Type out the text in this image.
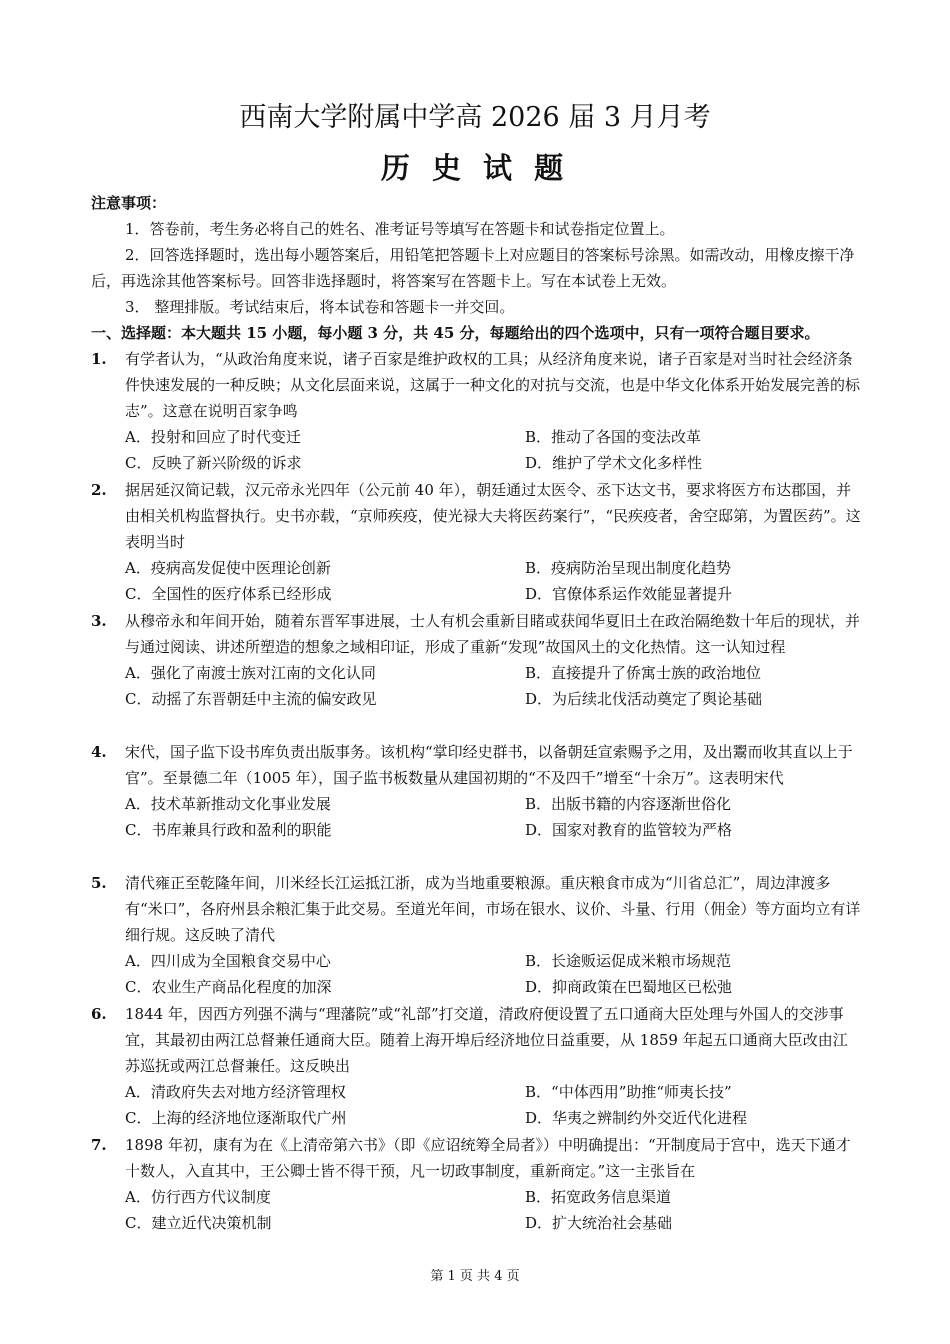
西南大学附属中学高 2026 届 3 月月考
历 史 试 题
注意事项：
1．答卷前，考生务必将自己的姓名、准考证号等填写在答题卡和试卷指定位置上。
2．回答选择题时，选出每小题答案后，用铅笔把答题卡上对应题目的答案标号涂黑。如需改动，用橡皮擦干净后，再选涂其他答案标号。回答非选择题时，将答案写在答题卡上。写在本试卷上无效。
3． 整理排版。考试结束后，将本试卷和答题卡一并交回。
一、选择题：本大题共 15 小题，每小题 3 分，共 45 分，每题给出的四个选项中，只有一项符合题目要求。
1. 有学者认为，“从政治角度来说，诸子百家是维护政权的工具；从经济角度来说，诸子百家是对当时社会经济条件快速发展的一种反映；从文化层面来说，这属于一种文化的对抗与交流，也是中华文化体系开始发展完善的标志”。这意在说明百家争鸣
A．投射和回应了时代变迁	B．推动了各国的变法改革
C．反映了新兴阶级的诉求	D．维护了学术文化多样性
2. 据居延汉简记载，汉元帝永光四年（公元前 40 年），朝廷通过太医令、丞下达文书，要求将医方布达郡国，并由相关机构监督执行。史书亦载，“京师疾疫，使光禄大夫将医药案行”，“民疾疫者，舍空邸第，为置医药”。这表明当时
A．疫病高发促使中医理论创新	B．疫病防治呈现出制度化趋势
C．全国性的医疗体系已经形成	D．官僚体系运作效能显著提升
3. 从穆帝永和年间开始，随着东晋军事进展，士人有机会重新目睹或获闻华夏旧土在政治隔绝数十年后的现状，并与通过阅读、讲述所塑造的想象之域相印证，形成了重新“发现”故国风土的文化热情。这一认知过程
A．强化了南渡士族对江南的文化认同	B．直接提升了侨寓士族的政治地位
C．动摇了东晋朝廷中主流的偏安政见	D．为后续北伐活动奠定了舆论基础
4. 宋代，国子监下设书库负责出版事务。该机构“掌印经史群书，以备朝廷宣索赐予之用，及出鬻而收其直以上于官”。至景德二年（1005 年），国子监书板数量从建国初期的“不及四千”增至“十余万”。这表明宋代
A．技术革新推动文化事业发展	B．出版书籍的内容逐渐世俗化
C．书库兼具行政和盈利的职能	D．国家对教育的监管较为严格
5. 清代雍正至乾隆年间，川米经长江运抵江浙，成为当地重要粮源。重庆粮食市成为“川省总汇”，周边津渡多有“米口”，各府州县余粮汇集于此交易。至道光年间，市场在银水、议价、斗量、行用（佣金）等方面均立有详细行规。这反映了清代
A．四川成为全国粮食交易中心	B．长途贩运促成米粮市场规范
C．农业生产商品化程度的加深	D．抑商政策在巴蜀地区已松弛
6. 1844 年，因西方列强不满与“理藩院”或“礼部”打交道，清政府便设置了五口通商大臣处理与外国人的交涉事宜，其最初由两江总督兼任通商大臣。随着上海开埠后经济地位日益重要，从 1859 年起五口通商大臣改由江苏巡抚或两江总督兼任。这反映出
A．清政府失去对地方经济管理权	B．“中体西用”助推“师夷长技”
C．上海的经济地位逐渐取代广州	D．华夷之辨制约外交近代化进程
7. 1898 年初，康有为在《上清帝第六书》（即《应诏统筹全局者》）中明确提出：“开制度局于宫中，选天下通才十数人，入直其中，王公卿士皆不得干预，凡一切政事制度，重新商定。”这一主张旨在
A．仿行西方代议制度	B．拓宽政务信息渠道
C．建立近代决策机制	D．扩大统治社会基础
第 1 页 共 4 页
